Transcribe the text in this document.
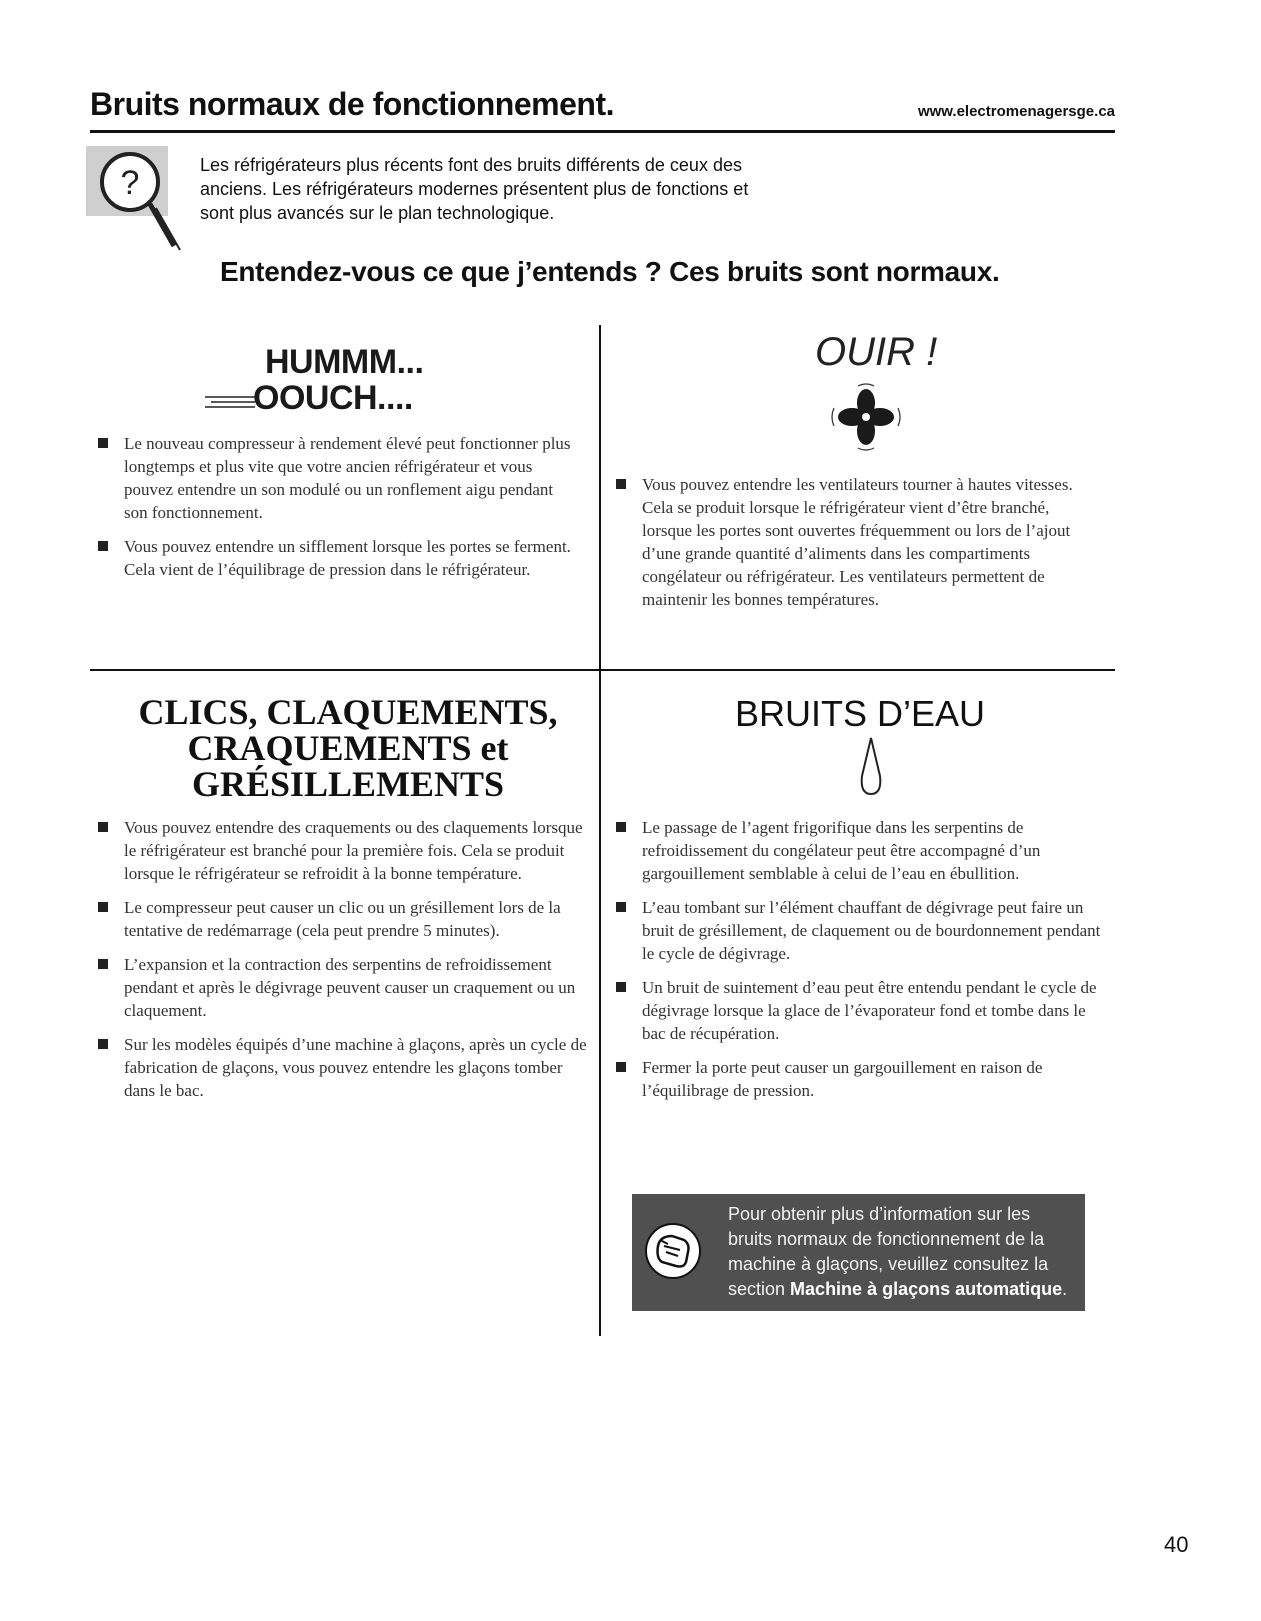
Bruits normaux de fonctionnement.	www.electromenagersge.ca
?	Les réfrigérateurs plus récents font des bruits différents de ceux des anciens. Les réfrigérateurs modernes présentent plus de fonctions et sont plus avancés sur le plan technologique.
Entendez-vous ce que j’entends ? Ces bruits sont normaux.
HUMMM...
OOUCH....
Le nouveau compresseur à rendement élevé peut fonctionner plus longtemps et plus vite que votre ancien réfrigérateur et vous pouvez entendre un son modulé ou un ronflement aigu pendant son fonctionnement.
Vous pouvez entendre un sifflement lorsque les portes se ferment. Cela vient de l’équilibrage de pression dans le réfrigérateur.
OUIR !
Vous pouvez entendre les ventilateurs tourner à hautes vitesses. Cela se produit lorsque le réfrigérateur vient d’être branché, lorsque les portes sont ouvertes fréquemment ou lors de l’ajout d’une grande quantité d’aliments dans les compartiments congélateur ou réfrigérateur. Les ventilateurs permettent de maintenir les bonnes températures.
CLICS, CLAQUEMENTS,
CRAQUEMENTS et
GRÉSILLEMENTS
Vous pouvez entendre des craquements ou des claquements lorsque le réfrigérateur est branché pour la première fois. Cela se produit lorsque le réfrigérateur se refroidit à la bonne température.
Le compresseur peut causer un clic ou un grésillement lors de la tentative de redémarrage (cela peut prendre 5 minutes).
L’expansion et la contraction des serpentins de refroidissement pendant et après le dégivrage peuvent causer un craquement ou un claquement.
Sur les modèles équipés d’une machine à glaçons, après un cycle de fabrication de glaçons, vous pouvez entendre les glaçons tomber dans le bac.
BRUITS D’EAU
Le passage de l’agent frigorifique dans les serpentins de refroidissement du congélateur peut être accompagné d’un gargouillement semblable à celui de l’eau en ébullition.
L’eau tombant sur l’élément chauffant de dégivrage peut faire un bruit de grésillement, de claquement ou de bourdonnement pendant le cycle de dégivrage.
Un bruit de suintement d’eau peut être entendu pendant le cycle de dégivrage lorsque la glace de l’évaporateur fond et tombe dans le bac de récupération.
Fermer la porte peut causer un gargouillement en raison de l’équilibrage de pression.
Pour obtenir plus d’information sur les bruits normaux de fonctionnement de la machine à glaçons, veuillez consultez la section Machine à glaçons automatique.
40
